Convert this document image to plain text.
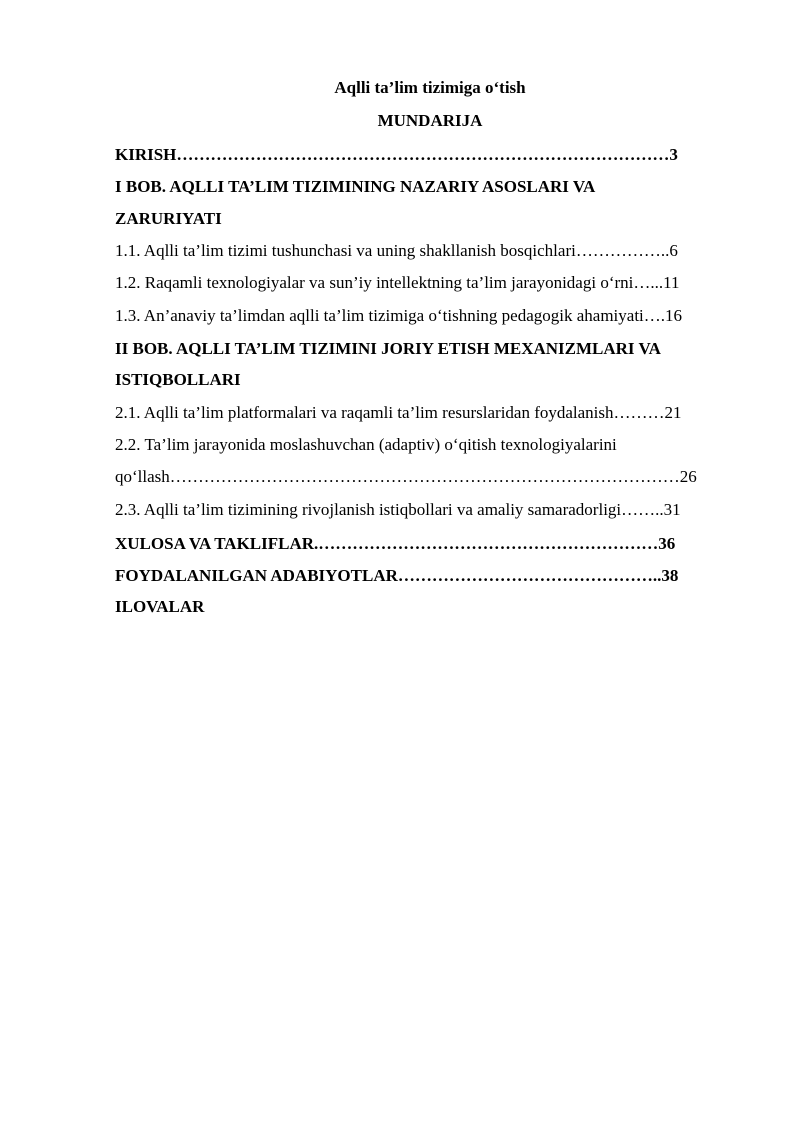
Aqlli ta’lim tizimiga o‘tish
MUNDARIJA
KIRISH……………………………………………………………………………3
I BOB. AQLLI TA’LIM TIZIMINING NAZARIY ASOSLARI VA
ZARURIYATI
1.1. Aqlli ta’lim tizimi tushunchasi va uning shakllanish bosqichlari……………..6
1.2. Raqamli texnologiyalar va sun’iy intellektning ta’lim jarayonidagi o‘rni…...11
1.3. An’anaviy ta’limdan aqlli ta’lim tizimiga o‘tishning pedagogik ahamiyati….16
II BOB. AQLLI TA’LIM TIZIMINI JORIY ETISH MEXANIZMLARI VA
ISTIQBOLLARI
2.1. Aqlli ta’lim platformalari va raqamli ta’lim resurslaridan foydalanish………21
2.2. Ta’lim jarayonida moslashuvchan (adaptiv) o‘qitish texnologiyalarini
qo‘llash………………………………………………………………………………26
2.3. Aqlli ta’lim tizimining rivojlanish istiqbollari va amaliy samaradorligi……..31
XULOSA VA TAKLIFLAR.……………………………………………………36
FOYDALANILGAN ADABIYOTLAR………………………………………..38
ILOVALAR
